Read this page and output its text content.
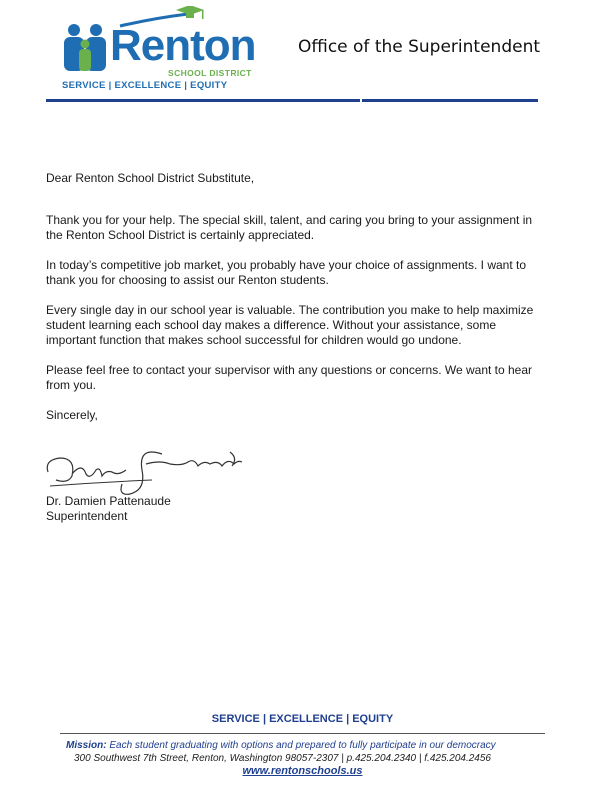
Renton
SCHOOL DISTRICT
SERVICE | EXCELLENCE | EQUITY
Office of the Superintendent

Dear Renton School District Substitute,

Thank you for your help. The special skill, talent, and caring you bring to your assignment in the Renton School District is certainly appreciated.

In today’s competitive job market, you probably have your choice of assignments. I want to thank you for choosing to assist our Renton students.

Every single day in our school year is valuable. The contribution you make to help maximize student learning each school day makes a difference. Without your assistance, some important function that makes school successful for children would go undone.

Please feel free to contact your supervisor with any questions or concerns. We want to hear from you.

Sincerely,

Dr. Damien Pattenaude
Superintendent
SERVICE | EXCELLENCE | EQUITY
Mission: Each student graduating with options and prepared to fully participate in our democracy
300 Southwest 7th Street, Renton, Washington 98057-2307 | p.425.204.2340 | f.425.204.2456
www.rentonschools.us
